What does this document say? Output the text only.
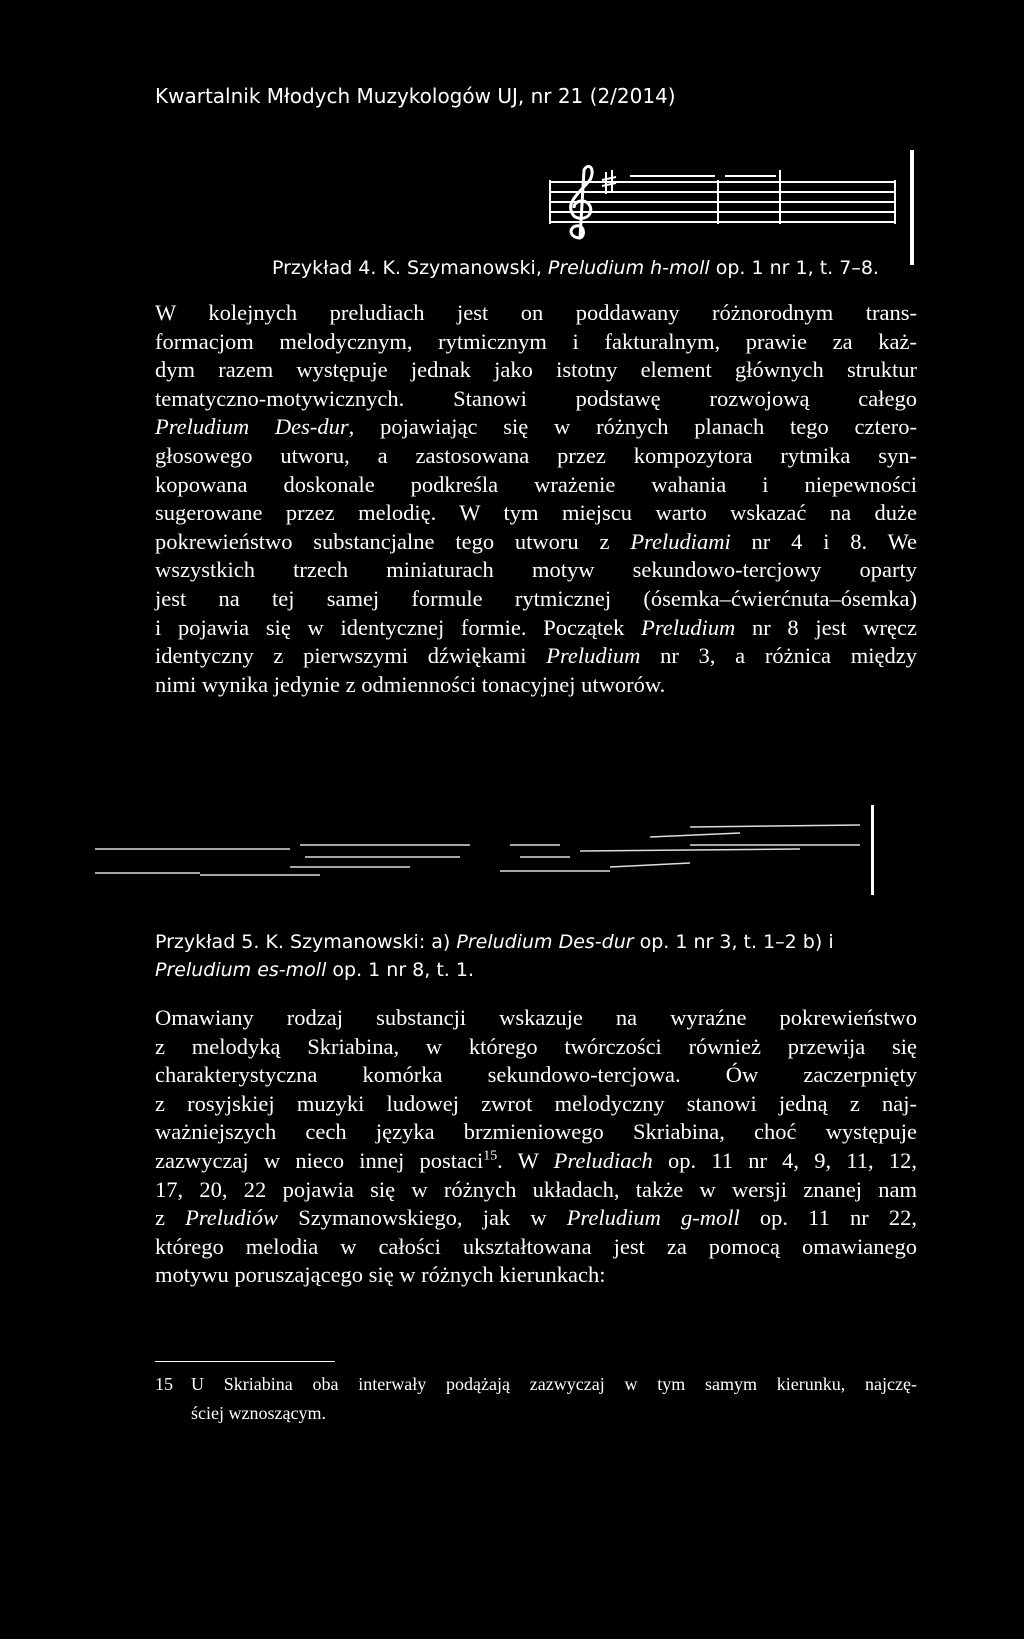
Kwartalnik Młodych Muzykologów UJ, nr 21 (2/2014)
Przykład 4. K. Szymanowski, Preludium h-moll op. 1 nr 1, t. 7–8.
W kolejnych preludiach jest on poddawany różnorodnym trans-
formacjom melodycznym, rytmicznym i fakturalnym, prawie za każ-
dym razem występuje jednak jako istotny element głównych struktur
tematyczno-motywicznych. Stanowi podstawę rozwojową całego
Preludium Des-dur, pojawiając się w różnych planach tego cztero-
głosowego utworu, a zastosowana przez kompozytora rytmika syn-
kopowana doskonale podkreśla wrażenie wahania i niepewności
sugerowane przez melodię. W tym miejscu warto wskazać na duże
pokrewieństwo substancjalne tego utworu z Preludiami nr 4 i 8. We
wszystkich trzech miniaturach motyw sekundowo-tercjowy oparty
jest na tej samej formule rytmicznej (ósemka–ćwierćnuta–ósemka)
i pojawia się w identycznej formie. Początek Preludium nr 8 jest wręcz
identyczny z pierwszymi dźwiękami Preludium nr 3, a różnica między
nimi wynika jedynie z odmienności tonacyjnej utworów.
Przykład 5. K. Szymanowski: a) Preludium Des-dur op. 1 nr 3, t. 1–2 b) i
Preludium es-moll op. 1 nr 8, t. 1.
Omawiany rodzaj substancji wskazuje na wyraźne pokrewieństwo
z melodyką Skriabina, w którego twórczości również przewija się
charakterystyczna komórka sekundowo-tercjowa. Ów zaczerpnięty
z rosyjskiej muzyki ludowej zwrot melodyczny stanowi jedną z naj-
ważniejszych cech języka brzmieniowego Skriabina, choć występuje
zazwyczaj w nieco innej postaci$^{15}$. W Preludiach op. 11 nr 4, 9, 11, 12,
17, 20, 22 pojawia się w różnych układach, także w wersji znanej nam
z Preludiów Szymanowskiego, jak w Preludium g-moll op. 11 nr 22,
którego melodia w całości ukształtowana jest za pomocą omawianego
motywu poruszającego się w różnych kierunkach:
15 U Skriabina oba interwały podążają zazwyczaj w tym samym kierunku, najczę-
ściej wznoszącym.
